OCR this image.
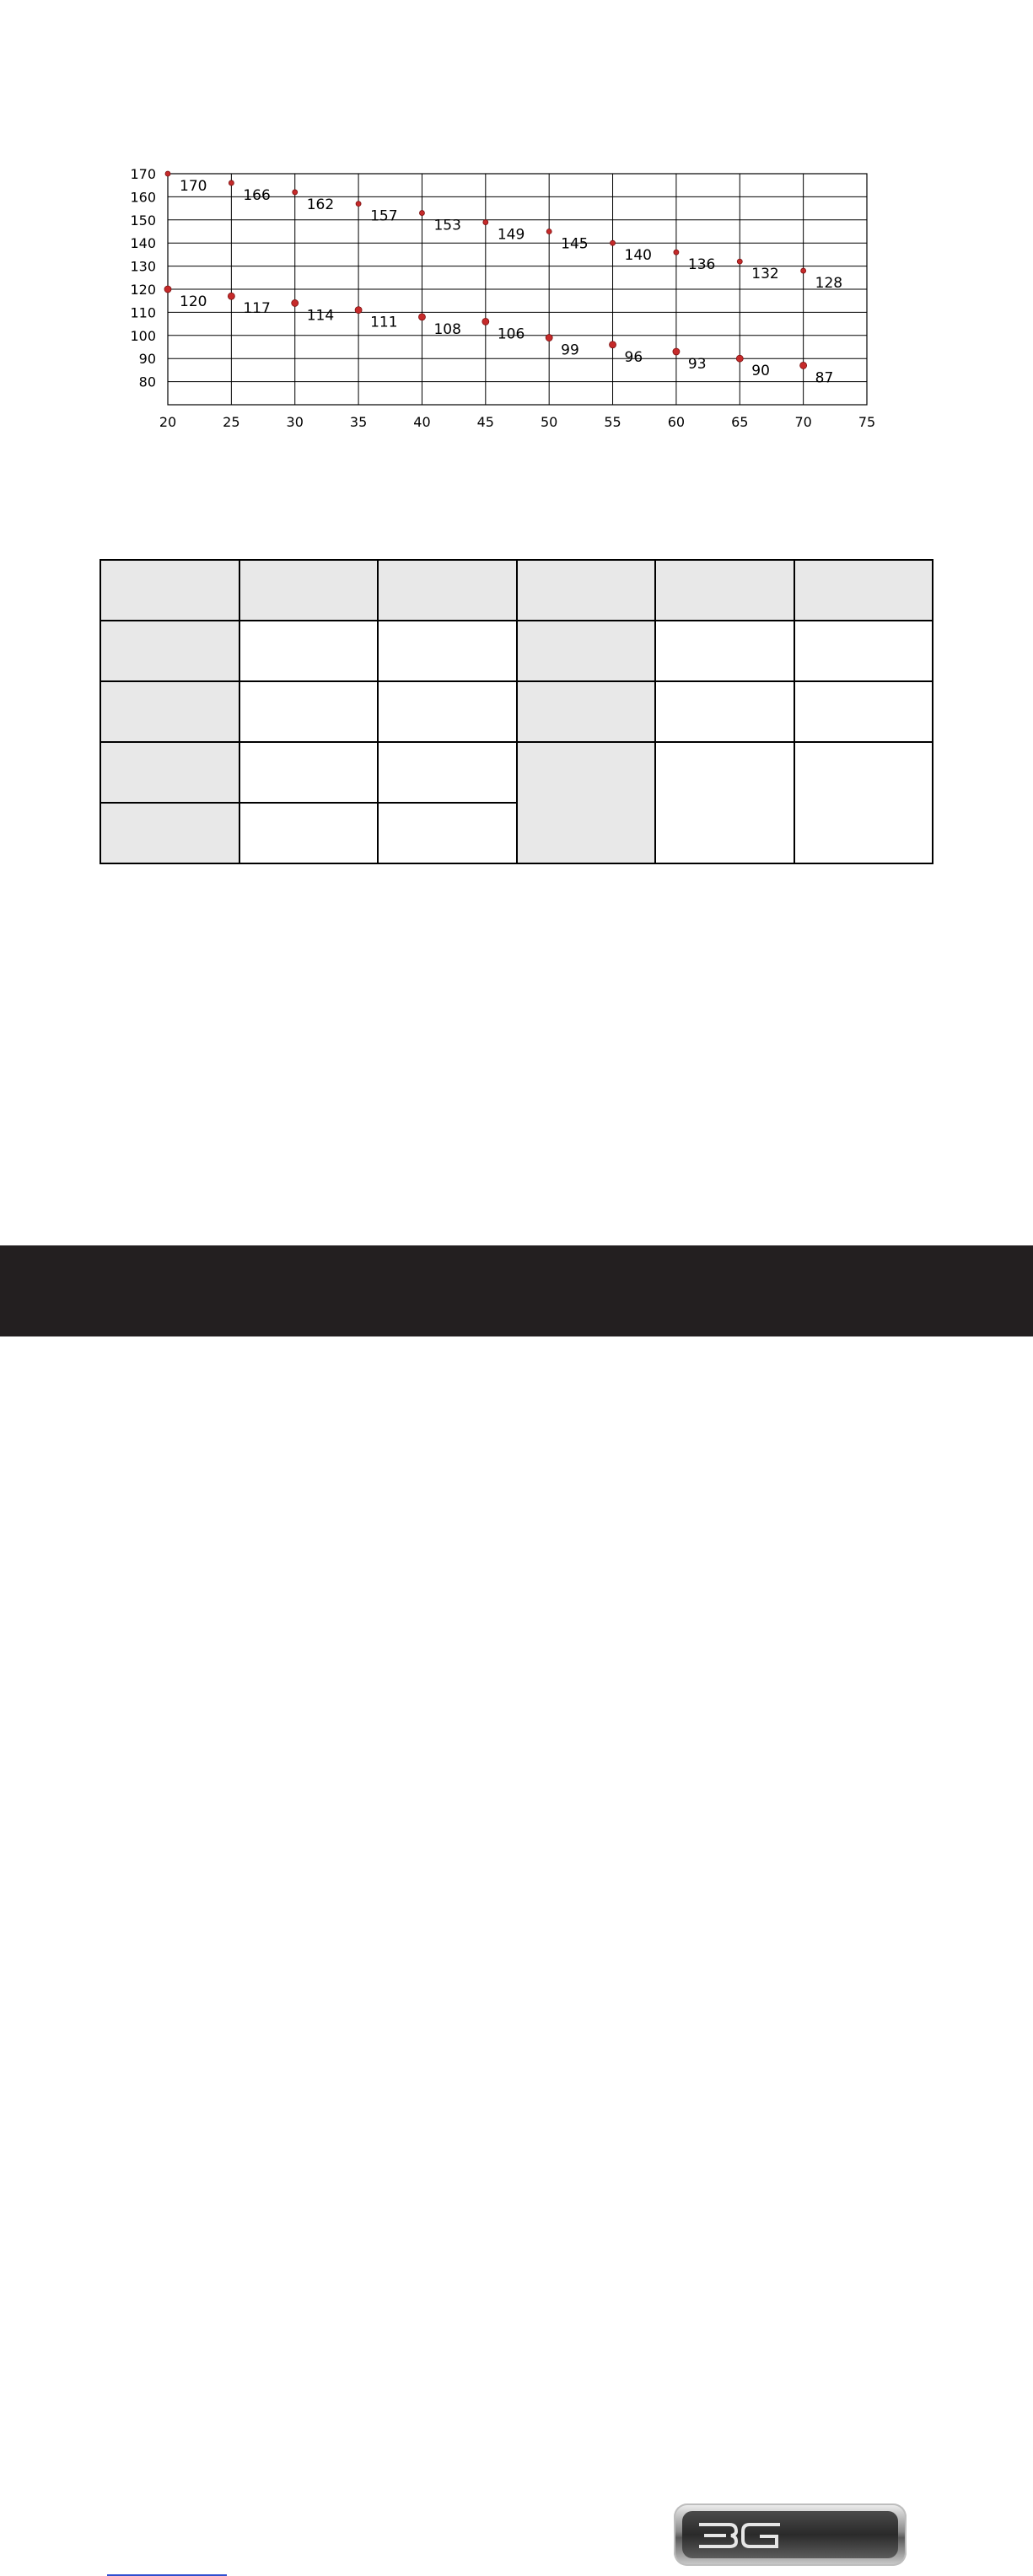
20	25	30	35	40	45	50	55	60	65	70	75
80
90
100
110
120
130
140
150
160
170
170
166
162
157
153
149
145
140
136
132
128
120	117	114	111	108	106
99	96	93	90	87
